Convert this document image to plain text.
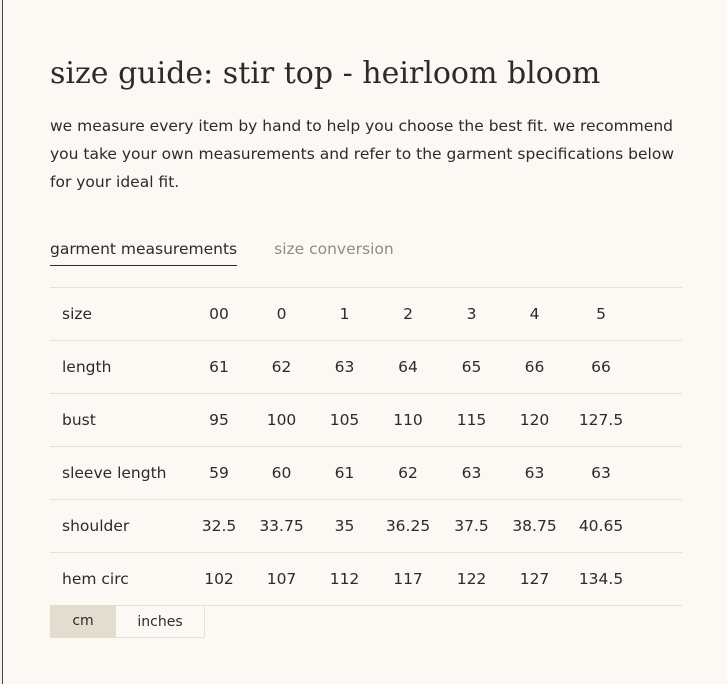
size guide: stir top - heirloom bloom

we measure every item by hand to help you choose the best fit. we recommend you take your own measurements and refer to the garment specifications below for your ideal fit.

garment measurements size conversion
size	00	0	1	2	3	4	5	
length	61	62	63	64	65	66	66	
bust	95	100	105	110	115	120	127.5	
sleeve length	59	60	61	62	63	63	63	
shoulder	32.5	33.75	35	36.25	37.5	38.75	40.65	
hem circ	102	107	112	117	122	127	134.5	
cm	inches
